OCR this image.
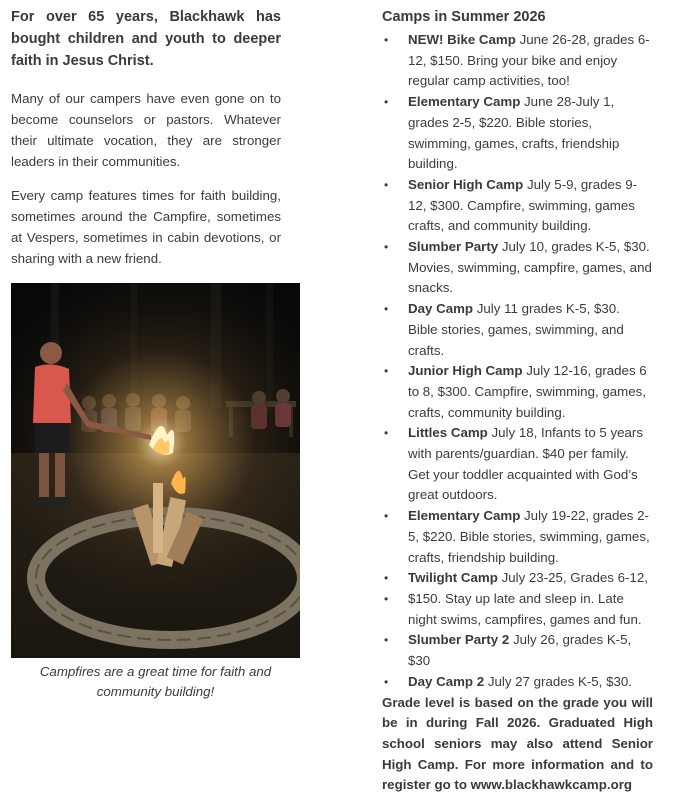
For over 65 years, Blackhawk has bought children and youth to deeper faith in Jesus Christ.

Many of our campers have even gone on to become counselors or pastors. Whatever their ultimate vocation, they are stronger leaders in their communities.

Every camp features times for faith building, sometimes around the Campfire, sometimes at Vespers, sometimes in cabin devotions, or sharing with a new friend.

Campfires are a great time for faith and community building!
Camps in Summer 2026
• NEW! Bike Camp June 26-28, grades 6-12, $150. Bring your bike and enjoy regular camp activities, too!
• Elementary Camp June 28-July 1, grades 2-5, $220. Bible stories, swimming, games, crafts, friendship building.
• Senior High Camp July 5-9, grades 9-12, $300. Campfire, swimming, games crafts, and community building.
• Slumber Party July 10, grades K-5, $30. Movies, swimming, campfire, games, and snacks.
• Day Camp July 11 grades K-5, $30. Bible stories, games, swimming, and crafts.
• Junior High Camp July 12-16, grades 6 to 8, $300. Campfire, swimming, games, crafts, community building.
• Littles Camp July 18, Infants to 5 years with parents/guardian. $40 per family. Get your toddler acquainted with God’s great outdoors.
• Elementary Camp July 19-22, grades 2-5, $220. Bible stories, swimming, games, crafts, friendship building.
• Twilight Camp July 23-25, Grades 6-12,
• $150. Stay up late and sleep in. Late night swims, campfires, games and fun.
• Slumber Party 2 July 26, grades K-5, $30
• Day Camp 2 July 27 grades K-5, $30.

Grade level is based on the grade you will be in during Fall 2026. Graduated High school seniors may also attend Senior High Camp. For more information and to register go to www.blackhawkcamp.org
